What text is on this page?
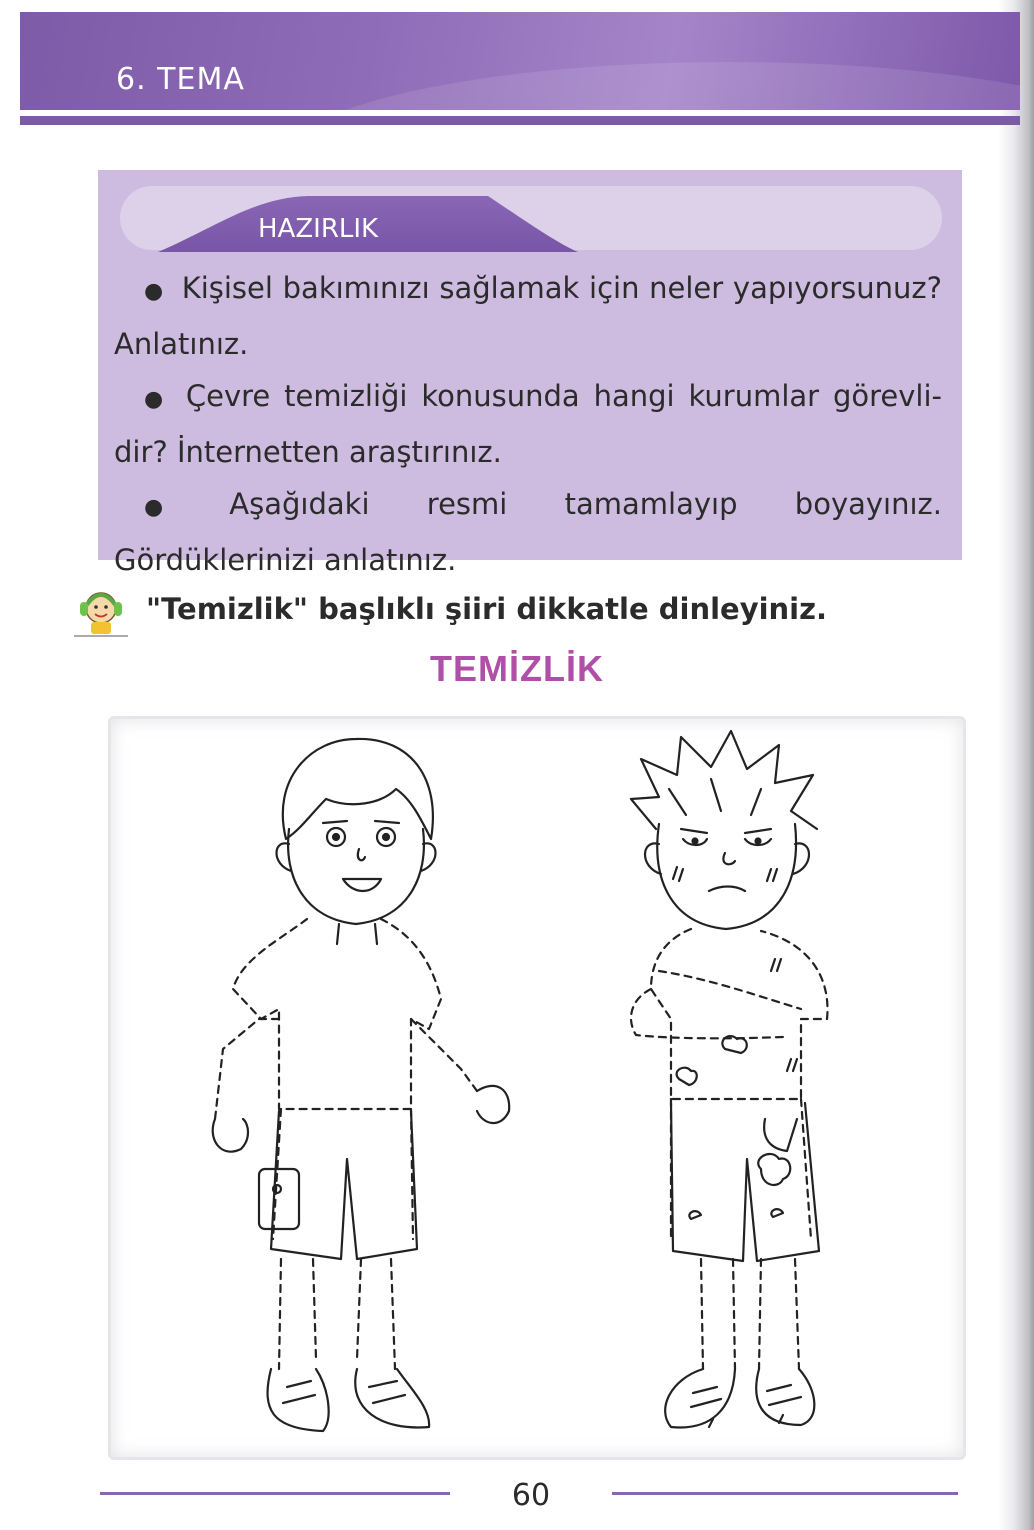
6. TEMA
HAZIRLIK

● Kişisel bakımınızı sağlamak için neler yapıyorsunuz? Anlatınız.

● Çevre temizliği konusunda hangi kurumlar görevlidir? İnternetten araştırınız.

● Aşağıdaki resmi tamamlayıp boyayınız. Gördüklerinizi anlatınız.

"Temizlik" başlıklı şiiri dikkatle dinleyiniz.
TEMİZLİK
60
